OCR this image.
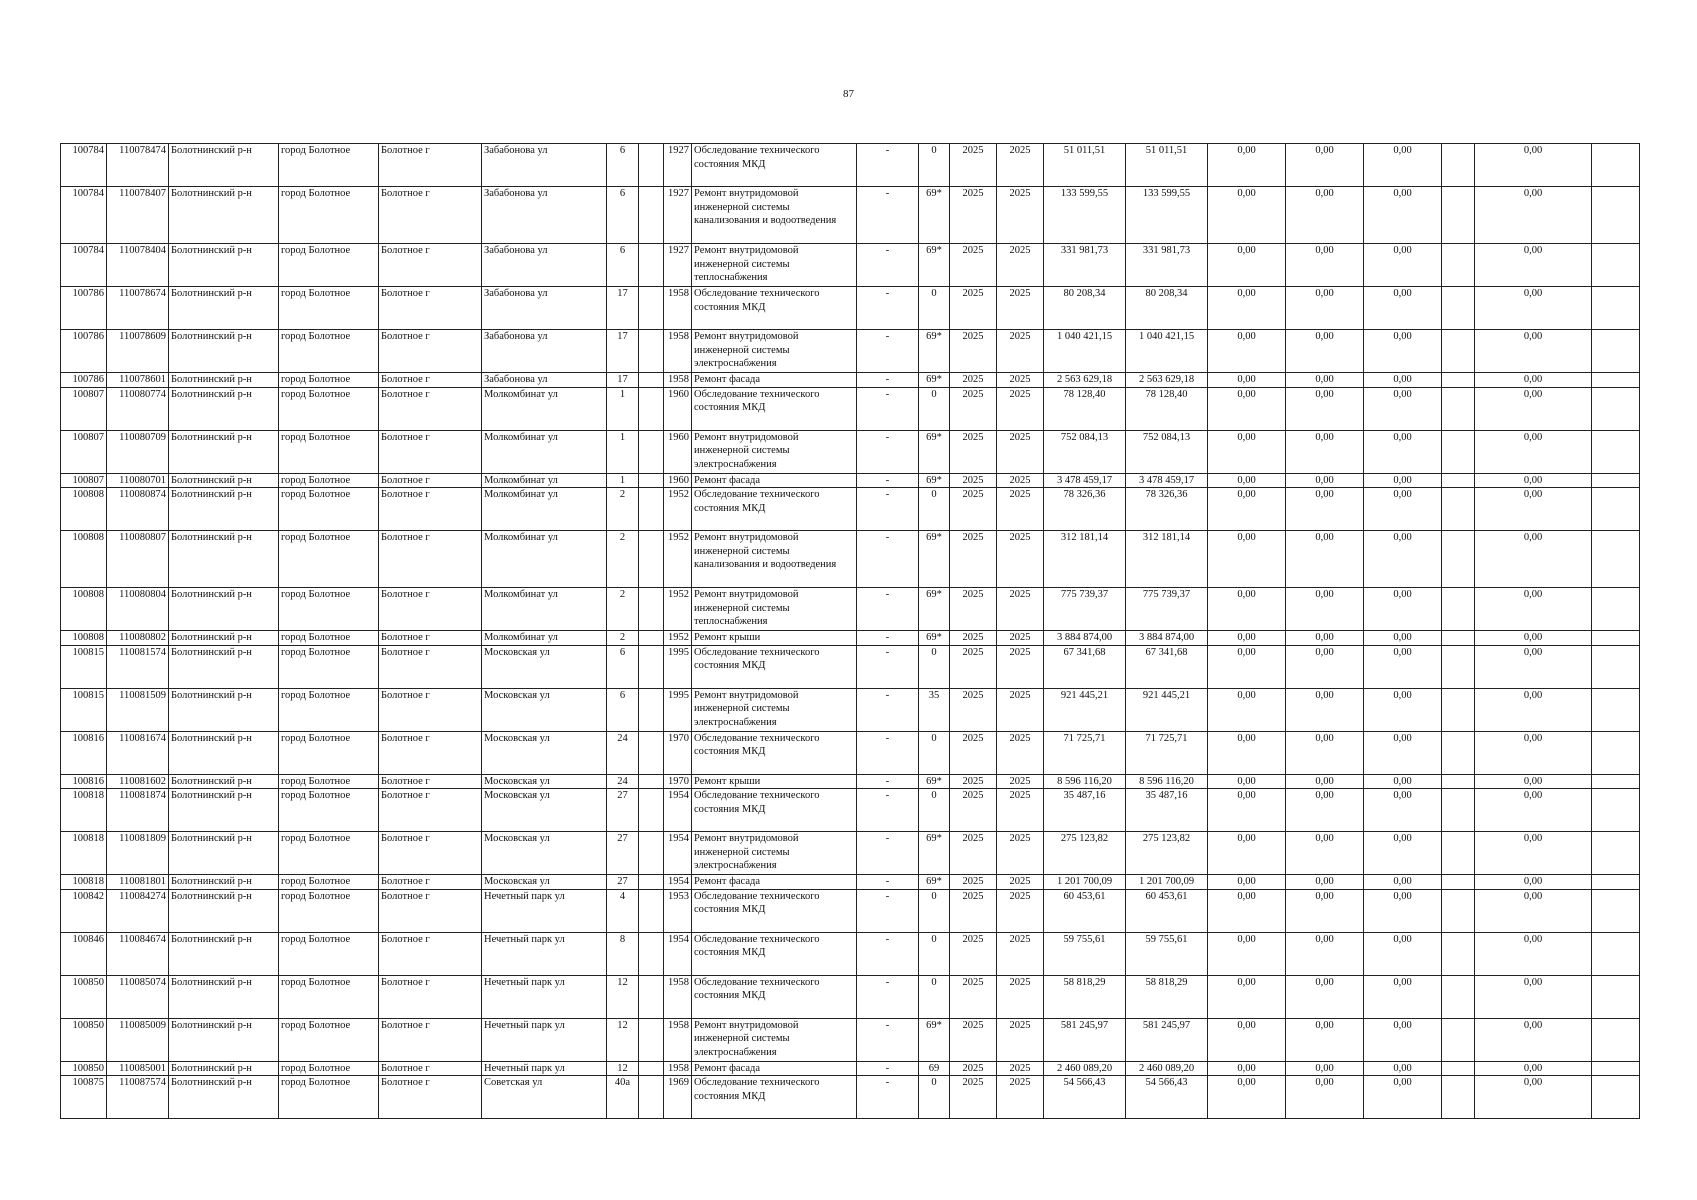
87
100784	110078474	Болотнинский р-н	город Болотное	Болотное г	Забабонова ул	6		1927	Обследование технического состояния МКД	-	0	2025	2025	51 011,51	51 011,51	0,00	0,00	0,00		0,00	
100784	110078407	Болотнинский р-н	город Болотное	Болотное г	Забабонова ул	6		1927	Ремонт внутридомовой инженерной системы канализования и водоотведения	-	69*	2025	2025	133 599,55	133 599,55	0,00	0,00	0,00		0,00	
100784	110078404	Болотнинский р-н	город Болотное	Болотное г	Забабонова ул	6		1927	Ремонт внутридомовой инженерной системы теплоснабжения	-	69*	2025	2025	331 981,73	331 981,73	0,00	0,00	0,00		0,00	
100786	110078674	Болотнинский р-н	город Болотное	Болотное г	Забабонова ул	17		1958	Обследование технического состояния МКД	-	0	2025	2025	80 208,34	80 208,34	0,00	0,00	0,00		0,00	
100786	110078609	Болотнинский р-н	город Болотное	Болотное г	Забабонова ул	17		1958	Ремонт внутридомовой инженерной системы электроснабжения	-	69*	2025	2025	1 040 421,15	1 040 421,15	0,00	0,00	0,00		0,00	
100786	110078601	Болотнинский р-н	город Болотное	Болотное г	Забабонова ул	17		1958	Ремонт фасада	-	69*	2025	2025	2 563 629,18	2 563 629,18	0,00	0,00	0,00		0,00	
100807	110080774	Болотнинский р-н	город Болотное	Болотное г	Молкомбинат ул	1		1960	Обследование технического состояния МКД	-	0	2025	2025	78 128,40	78 128,40	0,00	0,00	0,00		0,00	
100807	110080709	Болотнинский р-н	город Болотное	Болотное г	Молкомбинат ул	1		1960	Ремонт внутридомовой инженерной системы электроснабжения	-	69*	2025	2025	752 084,13	752 084,13	0,00	0,00	0,00		0,00	
100807	110080701	Болотнинский р-н	город Болотное	Болотное г	Молкомбинат ул	1		1960	Ремонт фасада	-	69*	2025	2025	3 478 459,17	3 478 459,17	0,00	0,00	0,00		0,00	
100808	110080874	Болотнинский р-н	город Болотное	Болотное г	Молкомбинат ул	2		1952	Обследование технического состояния МКД	-	0	2025	2025	78 326,36	78 326,36	0,00	0,00	0,00		0,00	
100808	110080807	Болотнинский р-н	город Болотное	Болотное г	Молкомбинат ул	2		1952	Ремонт внутридомовой инженерной системы канализования и водоотведения	-	69*	2025	2025	312 181,14	312 181,14	0,00	0,00	0,00		0,00	
100808	110080804	Болотнинский р-н	город Болотное	Болотное г	Молкомбинат ул	2		1952	Ремонт внутридомовой инженерной системы теплоснабжения	-	69*	2025	2025	775 739,37	775 739,37	0,00	0,00	0,00		0,00	
100808	110080802	Болотнинский р-н	город Болотное	Болотное г	Молкомбинат ул	2		1952	Ремонт крыши	-	69*	2025	2025	3 884 874,00	3 884 874,00	0,00	0,00	0,00		0,00	
100815	110081574	Болотнинский р-н	город Болотное	Болотное г	Московская ул	6		1995	Обследование технического состояния МКД	-	0	2025	2025	67 341,68	67 341,68	0,00	0,00	0,00		0,00	
100815	110081509	Болотнинский р-н	город Болотное	Болотное г	Московская ул	6		1995	Ремонт внутридомовой инженерной системы электроснабжения	-	35	2025	2025	921 445,21	921 445,21	0,00	0,00	0,00		0,00	
100816	110081674	Болотнинский р-н	город Болотное	Болотное г	Московская ул	24		1970	Обследование технического состояния МКД	-	0	2025	2025	71 725,71	71 725,71	0,00	0,00	0,00		0,00	
100816	110081602	Болотнинский р-н	город Болотное	Болотное г	Московская ул	24		1970	Ремонт крыши	-	69*	2025	2025	8 596 116,20	8 596 116,20	0,00	0,00	0,00		0,00	
100818	110081874	Болотнинский р-н	город Болотное	Болотное г	Московская ул	27		1954	Обследование технического состояния МКД	-	0	2025	2025	35 487,16	35 487,16	0,00	0,00	0,00		0,00	
100818	110081809	Болотнинский р-н	город Болотное	Болотное г	Московская ул	27		1954	Ремонт внутридомовой инженерной системы электроснабжения	-	69*	2025	2025	275 123,82	275 123,82	0,00	0,00	0,00		0,00	
100818	110081801	Болотнинский р-н	город Болотное	Болотное г	Московская ул	27		1954	Ремонт фасада	-	69*	2025	2025	1 201 700,09	1 201 700,09	0,00	0,00	0,00		0,00	
100842	110084274	Болотнинский р-н	город Болотное	Болотное г	Нечетный парк ул	4		1953	Обследование технического состояния МКД	-	0	2025	2025	60 453,61	60 453,61	0,00	0,00	0,00		0,00	
100846	110084674	Болотнинский р-н	город Болотное	Болотное г	Нечетный парк ул	8		1954	Обследование технического состояния МКД	-	0	2025	2025	59 755,61	59 755,61	0,00	0,00	0,00		0,00	
100850	110085074	Болотнинский р-н	город Болотное	Болотное г	Нечетный парк ул	12		1958	Обследование технического состояния МКД	-	0	2025	2025	58 818,29	58 818,29	0,00	0,00	0,00		0,00	
100850	110085009	Болотнинский р-н	город Болотное	Болотное г	Нечетный парк ул	12		1958	Ремонт внутридомовой инженерной системы электроснабжения	-	69*	2025	2025	581 245,97	581 245,97	0,00	0,00	0,00		0,00	
100850	110085001	Болотнинский р-н	город Болотное	Болотное г	Нечетный парк ул	12		1958	Ремонт фасада	-	69	2025	2025	2 460 089,20	2 460 089,20	0,00	0,00	0,00		0,00	
100875	110087574	Болотнинский р-н	город Болотное	Болотное г	Советская ул	40а		1969	Обследование технического состояния МКД	-	0	2025	2025	54 566,43	54 566,43	0,00	0,00	0,00		0,00	
